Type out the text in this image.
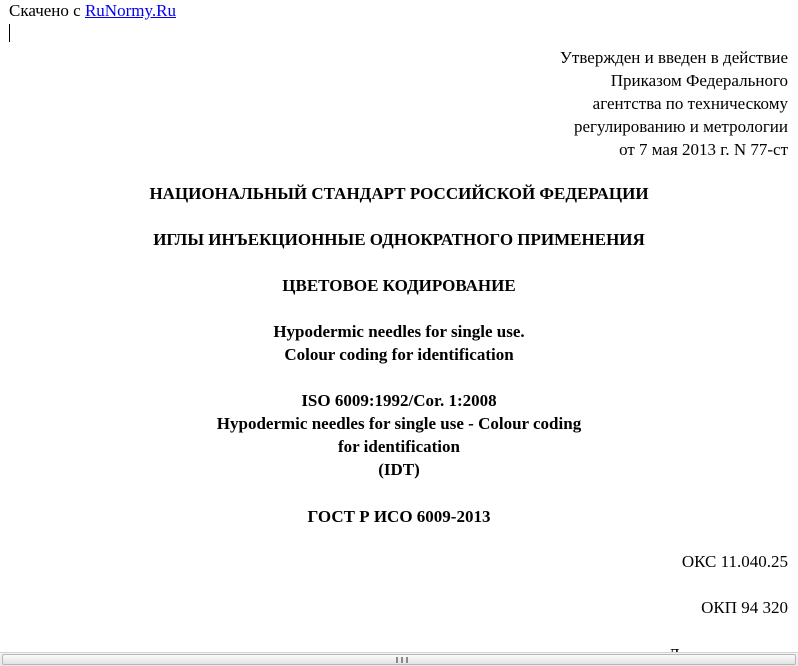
Скачено с RuNormy.Ru
Утвержден и введен в действие
Приказом Федерального
агентства по техническому
регулированию и метрологии
от 7 мая 2013 г. N 77-ст
НАЦИОНАЛЬНЫЙ СТАНДАРТ РОССИЙСКОЙ ФЕДЕРАЦИИ
ИГЛЫ ИНЪЕКЦИОННЫЕ ОДНОКРАТНОГО ПРИМЕНЕНИЯ
ЦВЕТОВОЕ КОДИРОВАНИЕ
Hypodermic needles for single use.
Colour coding for identification
ISO 6009:1992/Cor. 1:2008
Hypodermic needles for single use - Colour coding
for identification
(IDT)
ГОСТ Р ИСО 6009-2013
ОКС 11.040.25
ОКП 94 320
